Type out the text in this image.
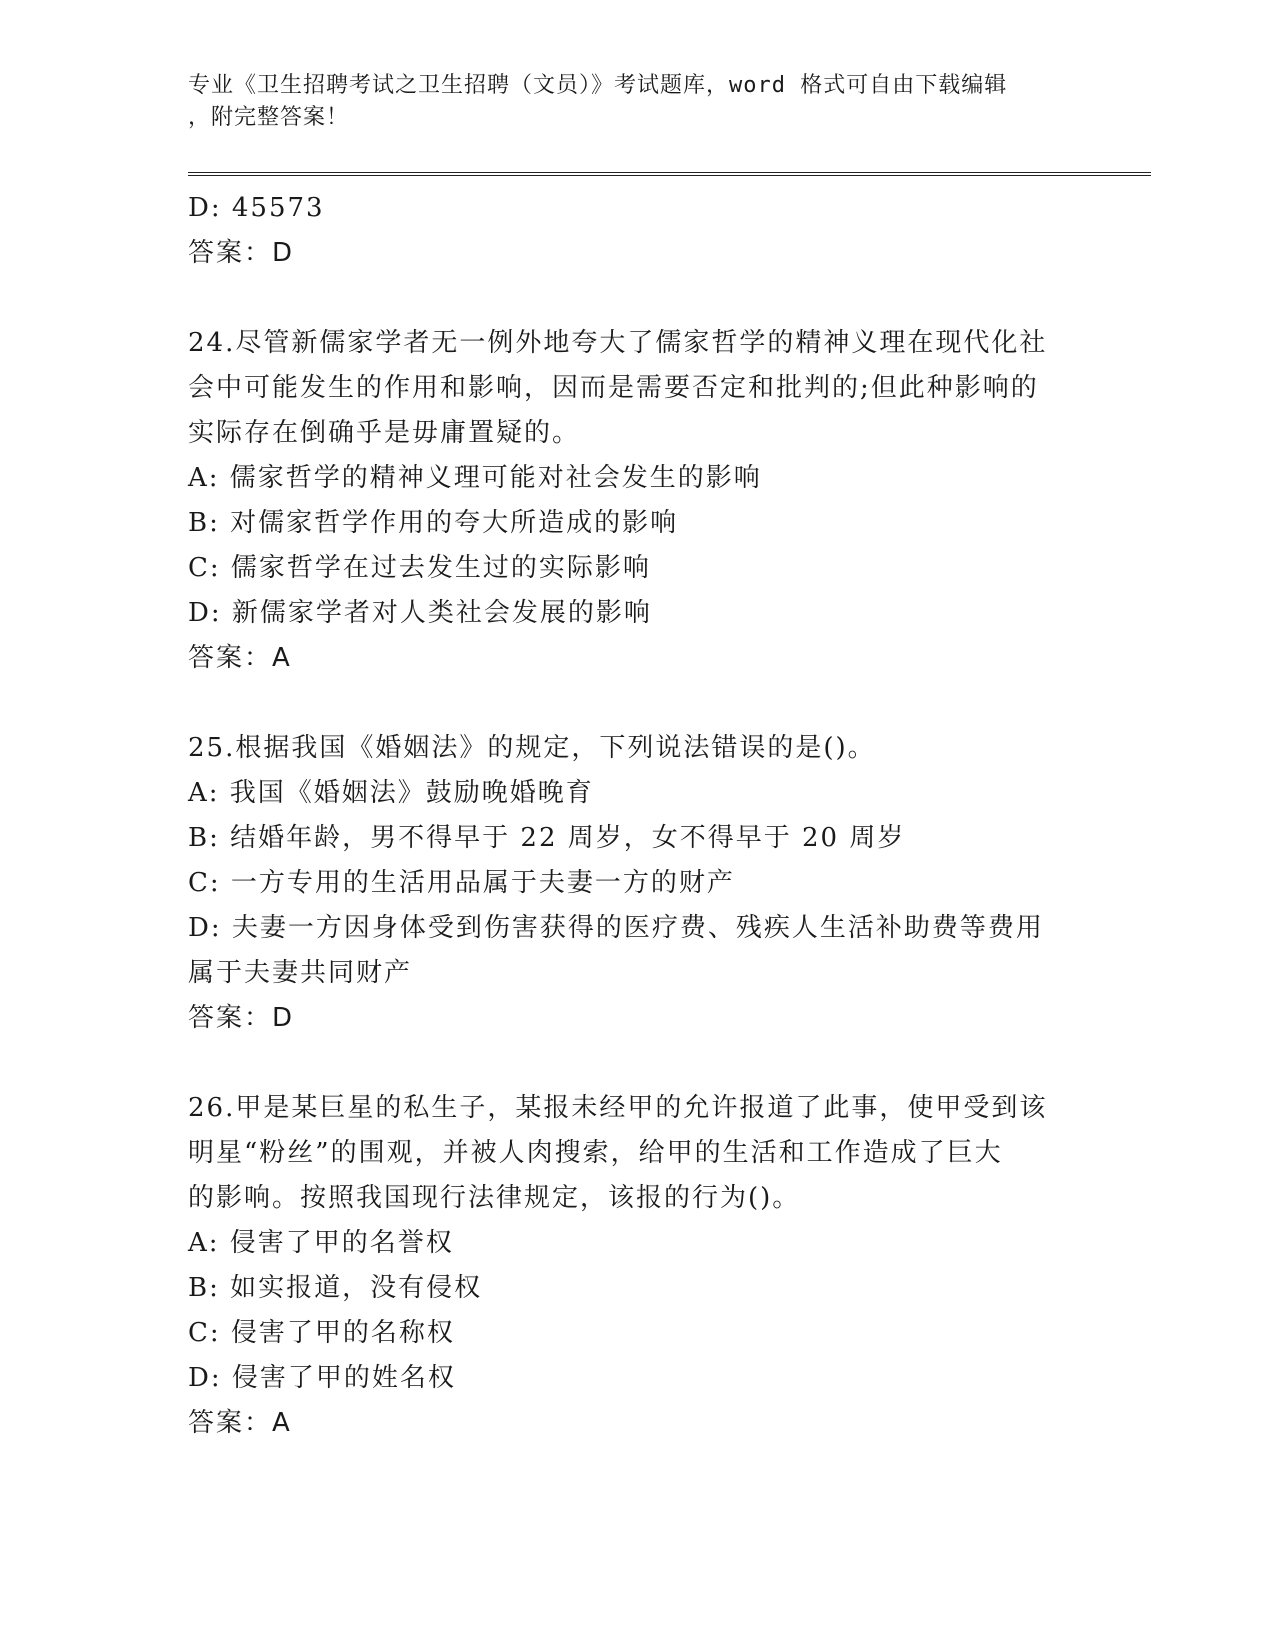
专业《卫生招聘考试之卫生招聘（文员）》考试题库，word 格式可自由下载编辑
，附完整答案！
D: 45573
答案：D
24.尽管新儒家学者无一例外地夸大了儒家哲学的精神义理在现代化社
会中可能发生的作用和影响，因而是需要否定和批判的;但此种影响的
实际存在倒确乎是毋庸置疑的。
A: 儒家哲学的精神义理可能对社会发生的影响
B: 对儒家哲学作用的夸大所造成的影响
C: 儒家哲学在过去发生过的实际影响
D: 新儒家学者对人类社会发展的影响
答案：A
25.根据我国《婚姻法》的规定，下列说法错误的是()。
A: 我国《婚姻法》鼓励晚婚晚育
B: 结婚年龄，男不得早于 22 周岁，女不得早于 20 周岁
C: 一方专用的生活用品属于夫妻一方的财产
D: 夫妻一方因身体受到伤害获得的医疗费、残疾人生活补助费等费用
属于夫妻共同财产
答案：D
26.甲是某巨星的私生子，某报未经甲的允许报道了此事，使甲受到该
明星“粉丝”的围观，并被人肉搜索，给甲的生活和工作造成了巨大
的影响。按照我国现行法律规定，该报的行为()。
A: 侵害了甲的名誉权
B: 如实报道，没有侵权
C: 侵害了甲的名称权
D: 侵害了甲的姓名权
答案：A
